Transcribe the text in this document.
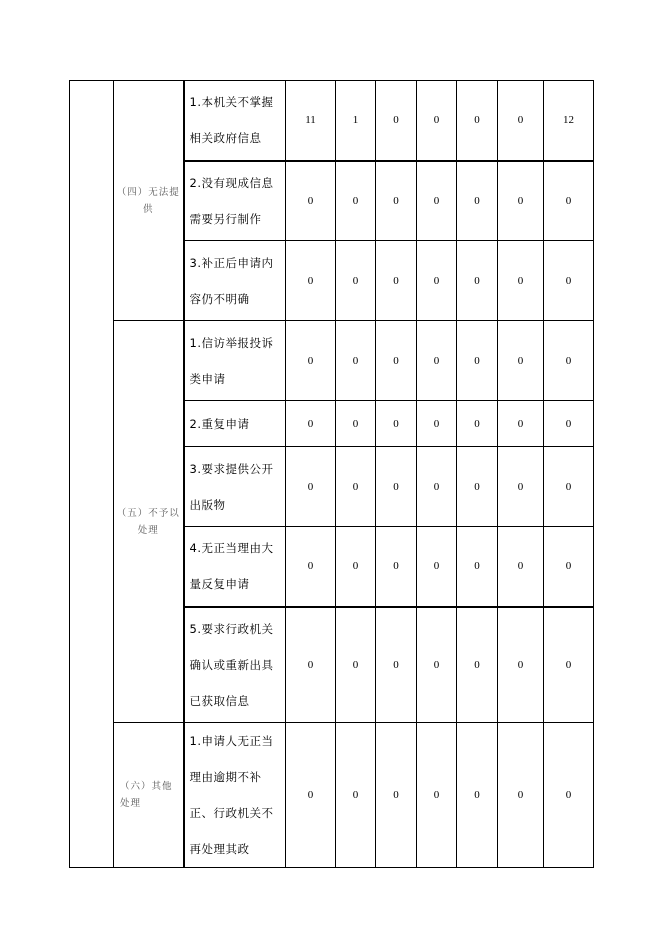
	（四）无法提供	1.本机关不掌握相关政府信息	11	1	0	0	0	0	12
		2.没有现成信息需要另行制作	0	0	0	0	0	0	0
		3.补正后申请内容仍不明确	0	0	0	0	0	0	0
	（五）不予以处理	1.信访举报投诉类申请	0	0	0	0	0	0	0
		2.重复申请	0	0	0	0	0	0	0
		3.要求提供公开出版物	0	0	0	0	0	0	0
		4.无正当理由大量反复申请	0	0	0	0	0	0	0
		5.要求行政机关确认或重新出具已获取信息	0	0	0	0	0	0	0
	（六）其他处理	1.申请人无正当理由逾期不补正、行政机关不再处理其政	0	0	0	0	0	0	0
